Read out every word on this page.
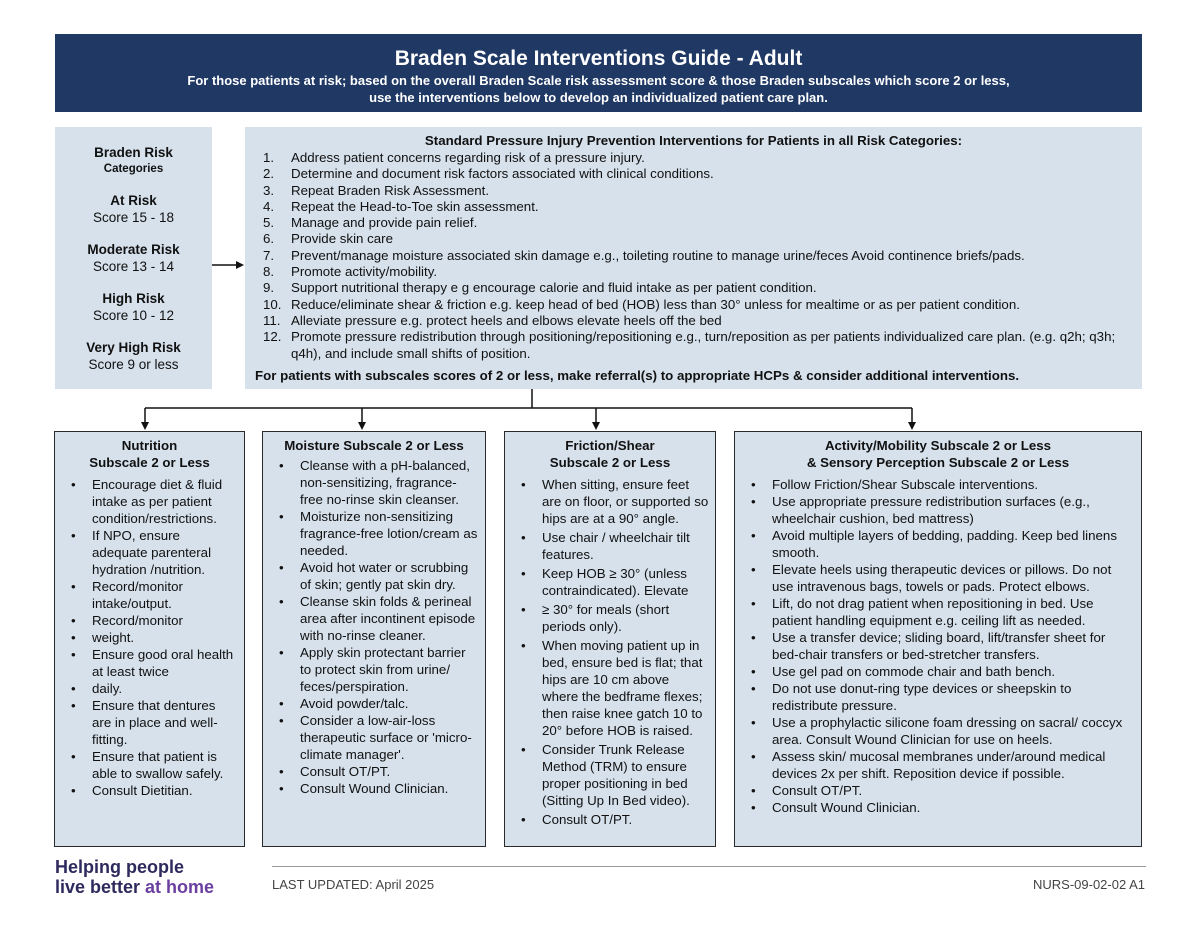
Braden Scale Interventions Guide - Adult
For those patients at risk; based on the overall Braden Scale risk assessment score & those Braden subscales which score 2 or less, use the interventions below to develop an individualized patient care plan.
Braden Risk
Categories
At Risk
Score 15 - 18
Moderate Risk
Score 13 - 14
High Risk
Score 10 - 12
Very High Risk
Score 9 or less
Standard Pressure Injury Prevention Interventions for Patients in all Risk Categories:
1.	Address patient concerns regarding risk of a pressure injury.
2.	Determine and document risk factors associated with clinical conditions.
3.	Repeat Braden Risk Assessment.
4.	Repeat the Head-to-Toe skin assessment.
5.	Manage and provide pain relief.
6.	Provide skin care
7.	Prevent/manage moisture associated skin damage e.g., toileting routine to manage urine/feces Avoid continence briefs/pads.
8.	Promote activity/mobility.
9.	Support nutritional therapy e g encourage calorie and fluid intake as per patient condition.
10. Reduce/eliminate shear & friction e.g. keep head of bed (HOB) less than 30° unless for mealtime or as per patient condition.
11. Alleviate pressure e.g. protect heels and elbows elevate heels off the bed
12. Promote pressure redistribution through positioning/repositioning e.g., turn/reposition as per patients individualized care plan. (e.g. q2h; q3h; q4h), and include small shifts of position.
For patients with subscales scores of 2 or less, make referral(s) to appropriate HCPs & consider additional interventions.
Nutrition
Subscale 2 or Less
• Encourage diet & fluid intake as per patient condition/restrictions.
• If NPO, ensure adequate parenteral hydration /nutrition.
• Record/monitor intake/output.
• Record/monitor
• weight.
• Ensure good oral health at least twice
• daily.
• Ensure that dentures are in place and well-fitting.
• Ensure that patient is able to swallow safely.
• Consult Dietitian.
Moisture Subscale 2 or Less
• Cleanse with a pH-balanced, non-sensitizing, fragrance-free no-rinse skin cleanser.
• Moisturize non-sensitizing fragrance-free lotion/cream as needed.
• Avoid hot water or scrubbing of skin; gently pat skin dry.
• Cleanse skin folds & perineal area after incontinent episode with no-rinse cleaner.
• Apply skin protectant barrier to protect skin from urine/ feces/perspiration.
• Avoid powder/talc.
• Consider a low-air-loss therapeutic surface or 'micro-climate manager'.
• Consult OT/PT.
• Consult Wound Clinician.
Friction/Shear
Subscale 2 or Less
• When sitting, ensure feet are on floor, or supported so hips are at a 90° angle.
• Use chair / wheelchair tilt features.
• Keep HOB ≥ 30° (unless contraindicated). Elevate
• ≥ 30° for meals (short periods only).
• When moving patient up in bed, ensure bed is flat; that hips are 10 cm above where the bedframe flexes; then raise knee gatch 10 to 20° before HOB is raised.
• Consider Trunk Release Method (TRM) to ensure proper positioning in bed (Sitting Up In Bed video).
• Consult OT/PT.
Activity/Mobility Subscale 2 or Less
& Sensory Perception Subscale 2 or Less
• Follow Friction/Shear Subscale interventions.
• Use appropriate pressure redistribution surfaces (e.g., wheelchair cushion, bed mattress)
• Avoid multiple layers of bedding, padding. Keep bed linens smooth.
• Elevate heels using therapeutic devices or pillows. Do not use intravenous bags, towels or pads. Protect elbows.
• Lift, do not drag patient when repositioning in bed. Use patient handling equipment e.g. ceiling lift as needed.
• Use a transfer device; sliding board, lift/transfer sheet for bed-chair transfers or bed-stretcher transfers.
• Use gel pad on commode chair and bath bench.
• Do not use donut-ring type devices or sheepskin to redistribute pressure.
• Use a prophylactic silicone foam dressing on sacral/ coccyx area. Consult Wound Clinician for use on heels.
• Assess skin/ mucosal membranes under/around medical devices 2x per shift. Reposition device if possible.
• Consult OT/PT.
• Consult Wound Clinician.
Helping people
live better at home	LAST UPDATED: April 2025	NURS-09-02-02 A1
